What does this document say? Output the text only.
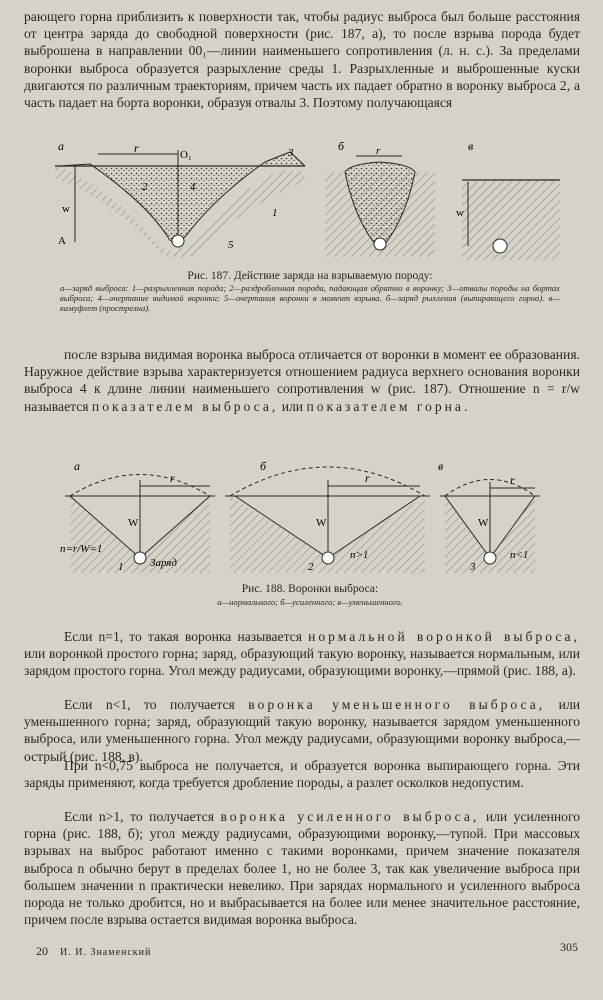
рающего горна приблизить к поверхности так, чтобы радиус выброса был больше расстояния от центра заряда до свободной поверхности (рис. 187, а), то после взрыва порода будет выброшена в направлении 00₁—линии наименьшего сопротивления (л. н. с.). За пределами воронки выброса образуется разрыхление среды 1. Разрыхленные и выброшенные куски двигаются по различным траекториям, причем часть их падает обратно в воронку выброса 2, а часть падает на борта воронки, образуя отвалы 3. Поэтому получающаяся

а	r	O₁
w
A
2	4
3
1
5
б	r	в
w
Рис. 187. Действие заряда на взрываемую породу:
а—заряд выброса: 1—разрыхленная порода; 2—раздробленная порода, падающая обратно в воронку; 3—отвалы породы на бортах выброса; 4—очертание видимой воронки; 5—очертания воронки в момент взрыва. б—заряд рыхления (выпирающего горна). в—камуфлет (прострелна).

после взрыва видимая воронка выброса отличается от воронки в момент ее образования. Наружное действие взрыва характеризуется отношением радиуса верхнего основания воронки выброса 4 к длине линии наименьшего сопротивления w (рис. 187). Отношение n = r/w называется показателем выброса, или показателем горна.

а
r
W
n=r/W=1
1 Заряд
б
r
W
2
n>1
в
r
W
3
n<1
Рис. 188. Воронки выброса:
а—нормального; б—усиленного; в—уменьшенного.

Если n=1, то такая воронка называется нормальной воронкой выброса, или воронкой простого горна; заряд, образующий такую воронку, называется нормальным, или зарядом простого горна. Угол между радиусами, образующими воронку,—прямой (рис. 188, а).

Если n<1, то получается воронка уменьшенного выброса, или уменьшенного горна; заряд, образующий такую воронку, называется зарядом уменьшенного выброса, или уменьшенного горна. Угол между радиусами, образующими воронку выброса,—острый (рис. 188, в).

При n<0,75 выброса не получается, и образуется воронка выпирающего горна. Эти заряды применяют, когда требуется дробление породы, а разлет осколков недопустим.

Если n>1, то получается воронка усиленного выброса, или усиленного горна (рис. 188, б); угол между радиусами, образующими воронку,—тупой. При массовых взрывах на выброс работают именно с такими воронками, причем значение показателя выброса n обычно берут в пределах более 1, но не более 3, так как увеличение выброса при большем значении n практически невелико. При зарядах нормального и усиленного выброса порода не только дробится, но и выбрасывается на более или менее значительное расстояние, причем после взрыва остается видимая воронка выброса.

20 И. И. Знаменский	305
